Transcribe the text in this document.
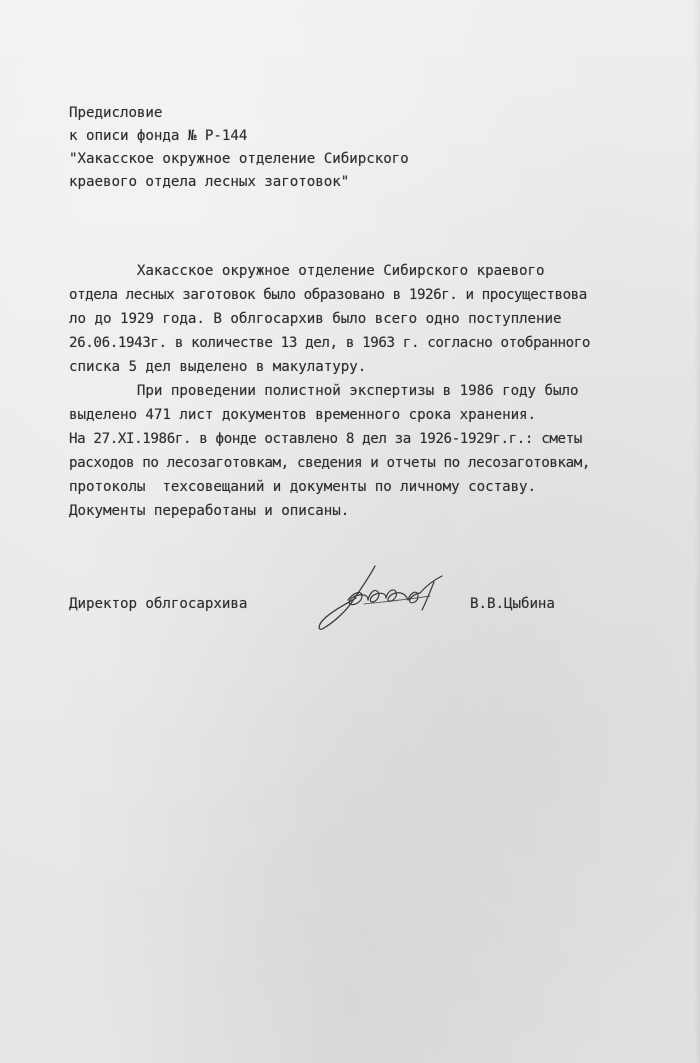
Предисловие
к описи фонда № Р-144
"Хакасское окружное отделение Сибирского
краевого отдела лесных заготовок"
Хакасское окружное отделение Сибирского краевого
отдела лесных заготовок было образовано в 1926г. и просуществова
ло до 1929 года. В облгосархив было всего одно поступление
26.06.1943г. в количестве 13 дел, в 1963 г. согласно отобранного
списка 5 дел выделено в макулатуру.
При проведении полистной экспертизы в 1986 году было
выделено 471 лист документов временного срока хранения.
На 27.XI.1986г. в фонде оставлено 8 дел за 1926-1929г.г.: сметы
расходов по лесозаготовкам, сведения и отчеты по лесозаготовкам,
протоколы  техсовещаний и документы по личному составу.
Документы переработаны и описаны.
Директор облгосархива	В.В.Цыбина
